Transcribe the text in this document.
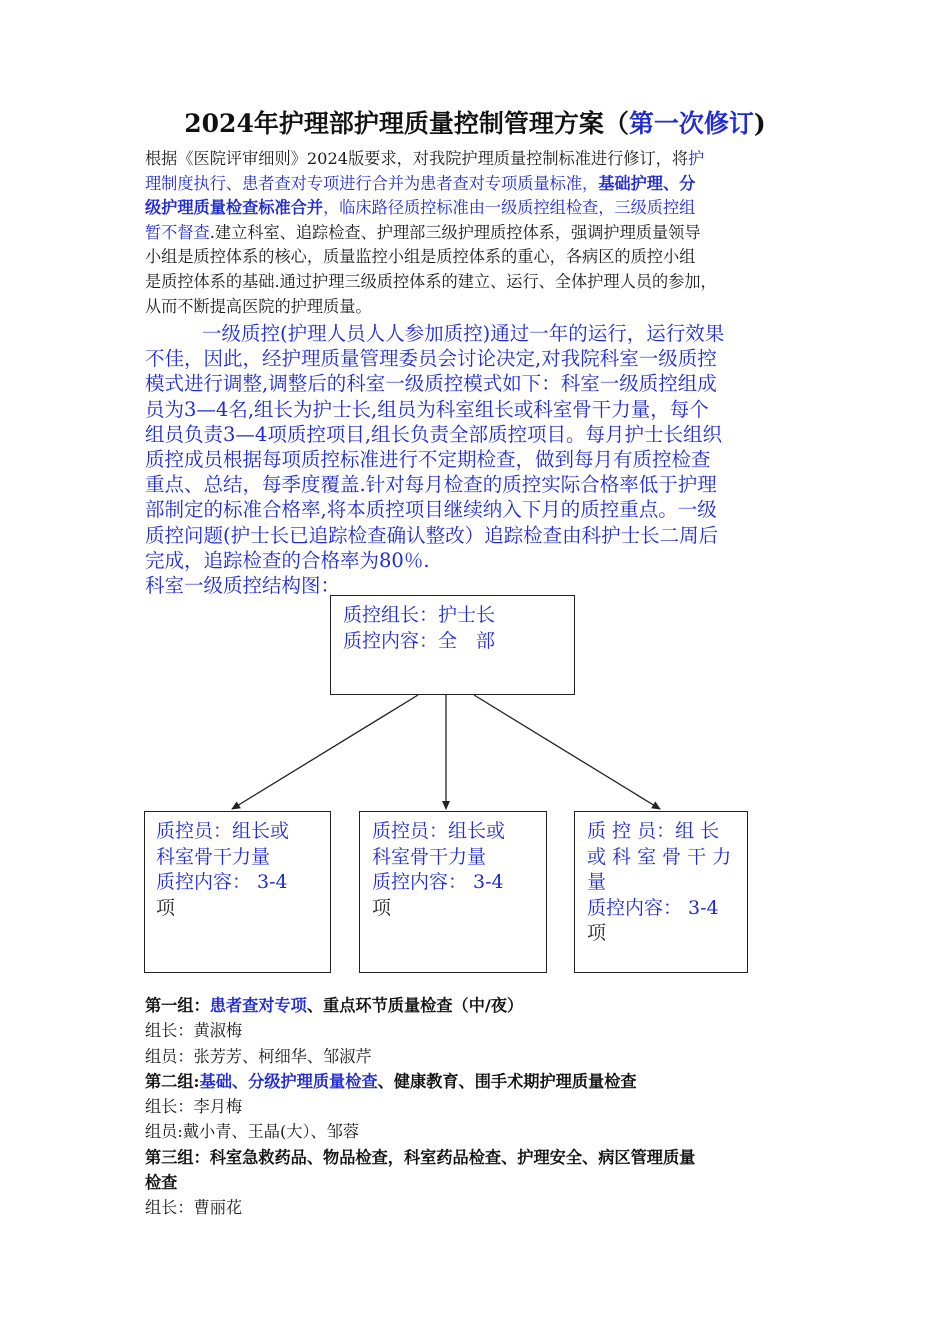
2024年护理部护理质量控制管理方案（第一次修订)
根据《医院评审细则》2024版要求，对我院护理质量控制标准进行修订，将护
理制度执行、患者查对专项进行合并为患者查对专项质量标准，基础护理、分
级护理质量检查标准合并，临床路径质控标准由一级质控组检查，三级质控组
暂不督查.建立科室、追踪检查、护理部三级护理质控体系，强调护理质量领导
小组是质控体系的核心，质量监控小组是质控体系的重心，各病区的质控小组
是质控体系的基础.通过护理三级质控体系的建立、运行、全体护理人员的参加，
从而不断提高医院的护理质量。
一级质控(护理人员人人参加质控)通过一年的运行，运行效果
不佳，因此，经护理质量管理委员会讨论决定,对我院科室一级质控
模式进行调整,调整后的科室一级质控模式如下：科室一级质控组成
员为3—4名,组长为护士长,组员为科室组长或科室骨干力量，每个
组员负责3—4项质控项目,组长负责全部质控项目。每月护士长组织
质控成员根据每项质控标准进行不定期检查，做到每月有质控检查
重点、总结，每季度覆盖.针对每月检查的质控实际合格率低于护理
部制定的标准合格率,将本质控项目继续纳入下月的质控重点。一级
质控问题(护士长已追踪检查确认整改）追踪检查由科护士长二周后
完成，追踪检查的合格率为80％.
科室一级质控结构图：
质控组长：护士长
质控内容：全　部
质控员：组长或
科室骨干力量
质控内容： 3-4
项
质控员：组长或
科室骨干力量
质控内容： 3-4
项
质 控 员：组 长
或 科 室 骨 干 力
量
质控内容： 3-4
项
第一组：患者查对专项、重点环节质量检查（中/夜）
组长：黄淑梅
组员：张芳芳、柯细华、邹淑芹
第二组:基础、分级护理质量检查、健康教育、围手术期护理质量检查
组长：李月梅
组员:戴小青、王晶(大）、邹蓉
第三组：科室急救药品、物品检查，科室药品检查、护理安全、病区管理质量
检查
组长：曹丽花
